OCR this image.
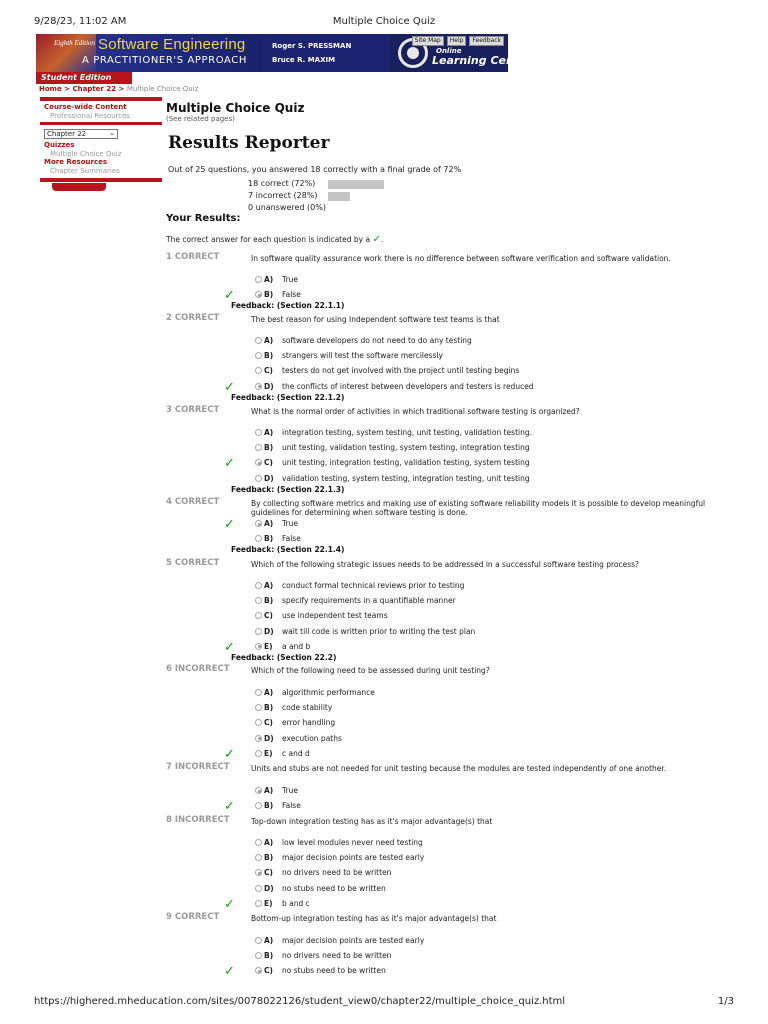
9/28/23, 11:02 AM	Multiple Choice Quiz
Eighth Edition Software Engineering
A PRACTITIONER'S APPROACH
Roger S. PRESSMAN
Bruce R. MAXIM
Online
Learning Center
Site Map	Help	Feedback
Student Edition
Home > Chapter 22 > Multiple Choice Quiz
Course-wide Content
Professional Resources
Chapter 22	⌄
Quizzes
Multiple Choice Quiz
More Resources
Chapter Summaries
Multiple Choice Quiz
(See related pages)
Results Reporter
Out of 25 questions, you answered 18 correctly with a final grade of 72%
18 correct (72%)
7 incorrect (28%)
0 unanswered (0%)
Your Results:
The correct answer for each question is indicated by a ✓.
1 CORRECT	In software quality assurance work there is no difference between software verification and software validation.
A) True
B) False
✓
Feedback: (Section 22.1.1)
2 CORRECT	The best reason for using Independent software test teams is that
A) software developers do not need to do any testing
B) strangers will test the software mercilessly
C) testers do not get involved with the project until testing begins
D) the conflicts of interest between developers and testers is reduced
✓
Feedback: (Section 22.1.2)
3 CORRECT	What is the normal order of activities in which traditional software testing is organized?
A) integration testing, system testing, unit testing, validation testing.
B) unit testing, validation testing, system testing, integration testing
C) unit testing, integration testing, validation testing, system testing
✓
D) validation testing, system testing, integration testing, unit testing
Feedback: (Section 22.1.3)
4 CORRECT	By collecting software metrics and making use of existing software reliability models it is possible to develop meaningful guidelines for determining when software testing is done.
A) True
✓
B) False
Feedback: (Section 22.1.4)
5 CORRECT	Which of the following strategic issues needs to be addressed in a successful software testing process?
A) conduct formal technical reviews prior to testing
B) specify requirements in a quantifiable manner
C) use independent test teams
D) wait till code is written prior to writing the test plan
E) a and b
✓
Feedback: (Section 22.2)
6 INCORRECT	Which of the following need to be assessed during unit testing?
A) algorithmic performance
B) code stability
C) error handling
D) execution paths
E) c and d
✓
7 INCORRECT	Units and stubs are not needed for unit testing because the modules are tested independently of one another.
A) True
B) False
✓
8 INCORRECT	Top-down integration testing has as it's major advantage(s) that
A) low level modules never need testing
B) major decision points are tested early
C) no drivers need to be written
D) no stubs need to be written
E) b and c
✓
9 CORRECT	Bottom-up integration testing has as it's major advantage(s) that
A) major decision points are tested early
B) no drivers need to be written
C) no stubs need to be written
✓
https://highered.mheducation.com/sites/0078022126/student_view0/chapter22/multiple_choice_quiz.html	1/3
